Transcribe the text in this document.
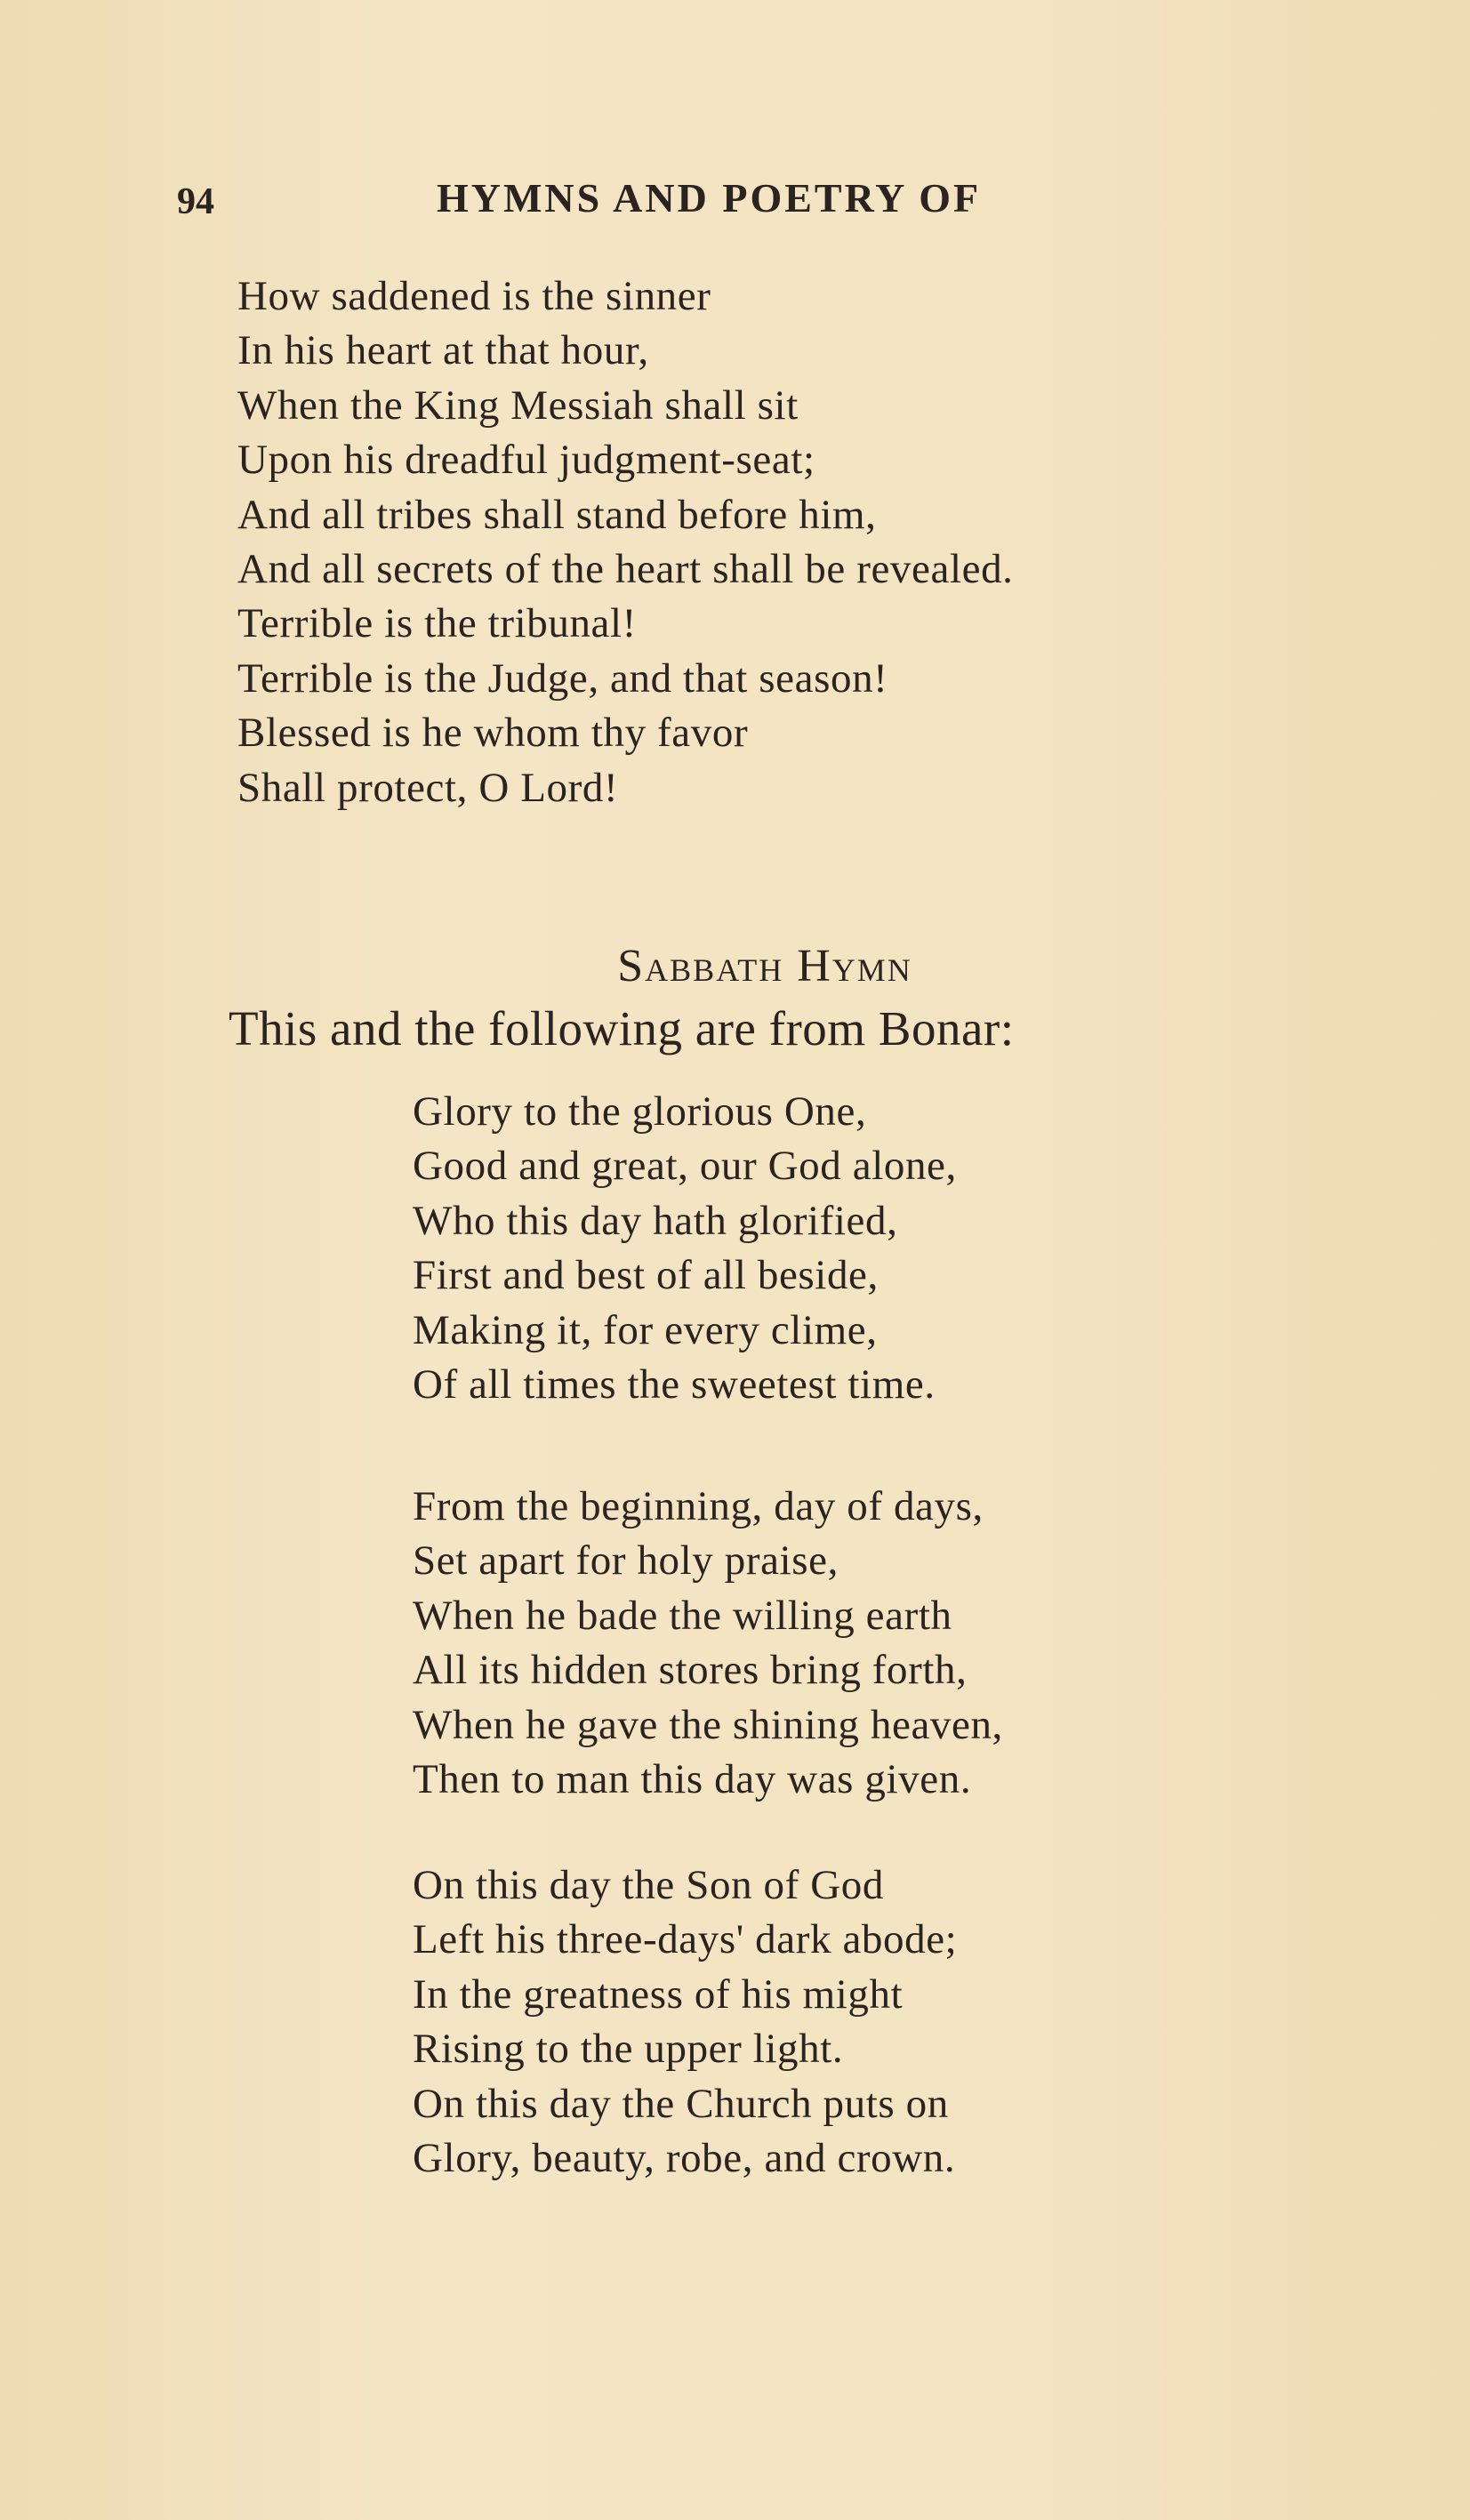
94	HYMNS AND POETRY OF
How saddened is the sinner
In his heart at that hour,
When the King Messiah shall sit
Upon his dreadful judgment-seat;
And all tribes shall stand before him,
And all secrets of the heart shall be revealed.
Terrible is the tribunal!
Terrible is the Judge, and that season!
Blessed is he whom thy favor
Shall protect, O Lord!
Sabbath Hymn
This and the following are from Bonar:
Glory to the glorious One,
Good and great, our God alone,
Who this day hath glorified,
First and best of all beside,
Making it, for every clime,
Of all times the sweetest time.
From the beginning, day of days,
Set apart for holy praise,
When he bade the willing earth
All its hidden stores bring forth,
When he gave the shining heaven,
Then to man this day was given.
On this day the Son of God
Left his three-days' dark abode;
In the greatness of his might
Rising to the upper light.
On this day the Church puts on
Glory, beauty, robe, and crown.
